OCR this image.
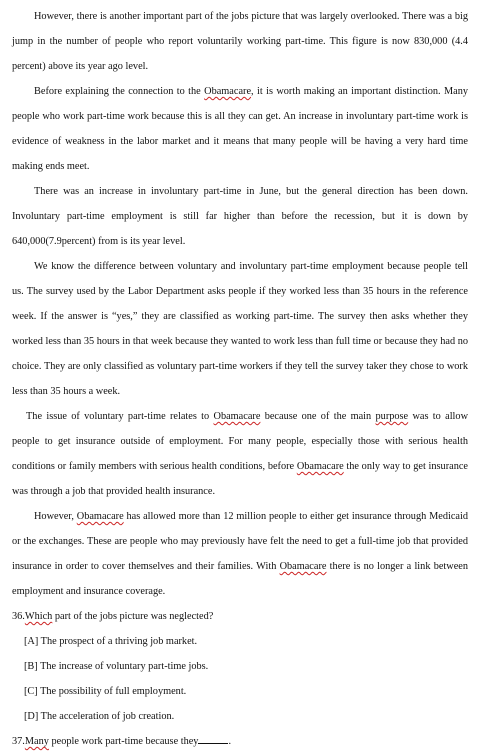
However, there is another important part of the jobs picture that was largely overlooked. There was a big jump in the number of people who report voluntarily working part-time. This figure is now 830,000 (4.4 percent) above its year ago level.

Before explaining the connection to the Obamacare, it is worth making an important distinction. Many people who work part-time work because this is all they can get. An increase in involuntary part-time work is evidence of weakness in the labor market and it means that many people will be having a very hard time making ends meet.

There was an increase in involuntary part-time in June, but the general direction has been down. Involuntary part-time employment is still far higher than before the recession, but it is down by 640,000(7.9percent) from is its year level.

We know the difference between voluntary and involuntary part-time employment because people tell us. The survey used by the Labor Department asks people if they worked less than 35 hours in the reference week. If the answer is “yes,” they are classified as working part-time. The survey then asks whether they worked less than 35 hours in that week because they wanted to work less than full time or because they had no choice. They are only classified as voluntary part-time workers if they tell the survey taker they chose to work less than 35 hours a week.

The issue of voluntary part-time relates to Obamacare because one of the main purpose was to allow people to get insurance outside of employment. For many people, especially those with serious health conditions or family members with serious health conditions, before Obamacare the only way to get insurance was through a job that provided health insurance.

However, Obamacare has allowed more than 12 million people to either get insurance through Medicaid or the exchanges. These are people who may previously have felt the need to get a full-time job that provided insurance in order to cover themselves and their families. With Obamacare there is no longer a link between employment and insurance coverage.

36.Which part of the jobs picture was neglected?

[A] The prospect of a thriving job market.

[B] The increase of voluntary part-time jobs.

[C] The possibility of full employment.

[D] The acceleration of job creation.

37.Many people work part-time because they	.
